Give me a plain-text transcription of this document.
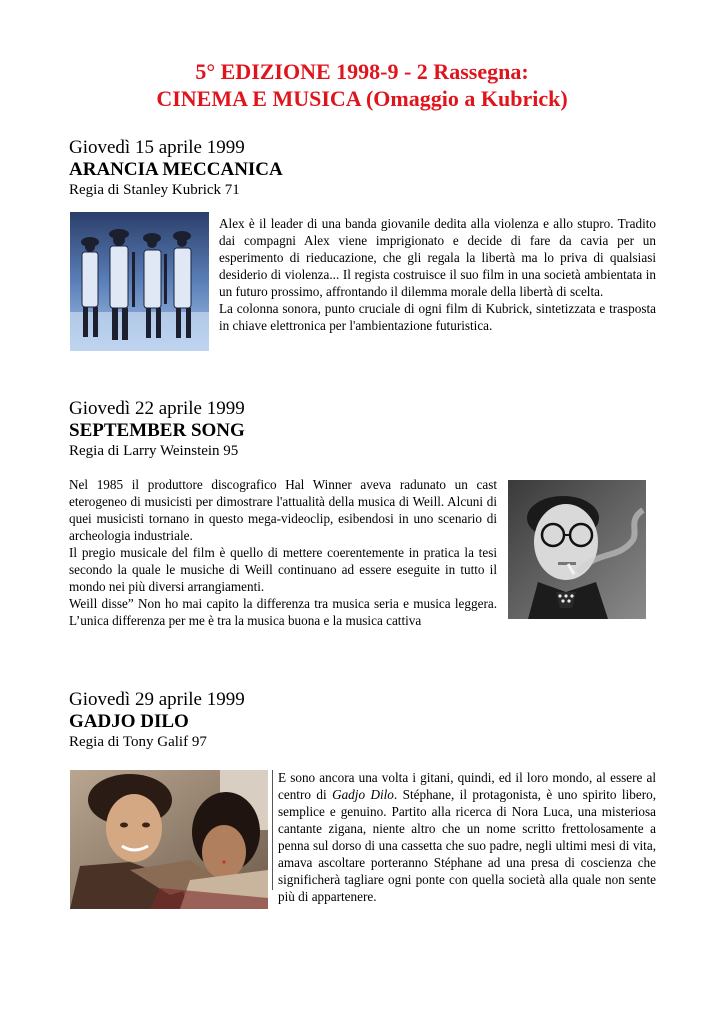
5° EDIZIONE 1998-9 - 2 Rassegna:
CINEMA E MUSICA (Omaggio a Kubrick)
Giovedì 15 aprile 1999
ARANCIA MECCANICA
Regia di Stanley Kubrick 71

Alex è il leader di una banda giovanile dedita alla violenza e allo stupro. Tradito dai compagni Alex viene imprigionato e decide di fare da cavia per un esperimento di rieducazione, che gli regala la libertà ma lo priva di qualsiasi desiderio di violenza... Il regista costruisce il suo film in una società ambientata in un futuro prossimo, affrontando il dilemma morale della libertà di scelta.

La colonna sonora, punto cruciale di ogni film di Kubrick, sintetizzata e trasposta in chiave elettronica per l'ambientazione futuristica.

Giovedì 22 aprile 1999
SEPTEMBER SONG
Regia di Larry Weinstein 95

Nel 1985 il produttore discografico Hal Winner aveva radunato un cast eterogeneo di musicisti per dimostrare l'attualità della musica di Weill. Alcuni di quei musicisti tornano in questo mega-videoclip, esibendosi in uno scenario di archeologia industriale.

Il pregio musicale del film è quello di mettere coerentemente in pratica la tesi secondo la quale le musiche di Weill continuano ad essere eseguite in tutto il mondo nei più diversi arrangiamenti.

Weill disse” Non ho mai capito la differenza tra musica seria e musica leggera. L’unica differenza per me è tra la musica buona e la musica cattiva

Giovedì 29 aprile 1999
GADJO DILO
Regia di Tony Galif 97

E sono ancora una volta i gitani, quindi, ed il loro mondo, al essere al centro di Gadjo Dilo. Stéphane, il protagonista, è uno spirito libero, semplice e genuino. Partito alla ricerca di Nora Luca, una misteriosa cantante zigana, niente altro che un nome scritto frettolosamente a penna sul dorso di una cassetta che suo padre, negli ultimi mesi di vita, amava ascoltare porteranno Stéphane ad una presa di coscienza che significherà tagliare ogni ponte con quella società alla quale non sente più di appartenere.
